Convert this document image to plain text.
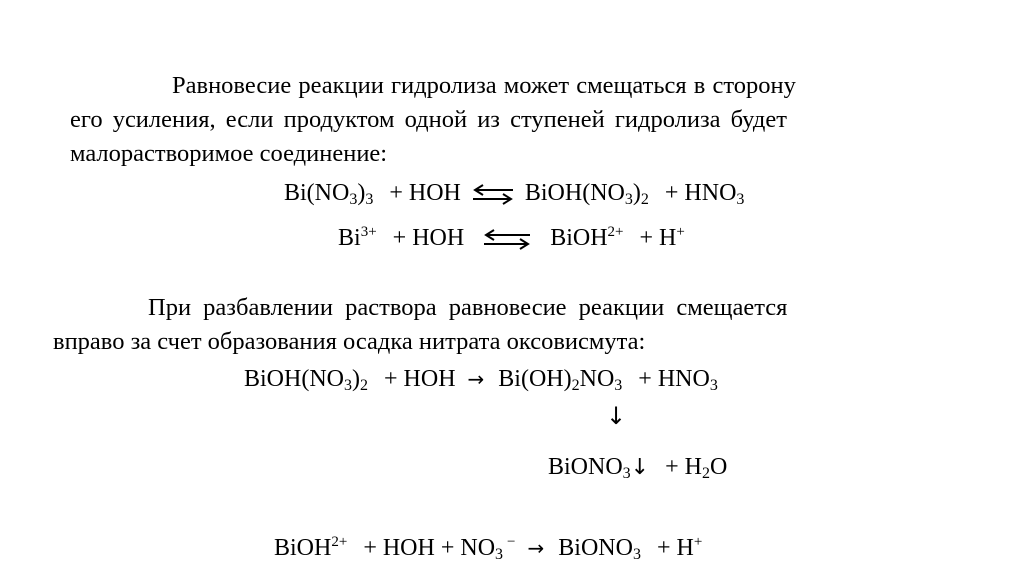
Равновесие реакции гидролиза может смещаться в сторону
его усиления, если продуктом одной из ступеней гидролиза будет
малорастворимое соединение:
Bi(NO3)3 + HOH ⇌ BiOH(NO3)2 + HNO3
Bi3+ + HOH ⇌ BiOH2+ + H+
При разбавлении раствора равновесие реакции смещается
вправо за счет образования осадка нитрата оксовисмута:
BiOH(NO3)2 + HOH → Bi(OH)2NO3 + HNO3
↓
BiONO3↓ + H2O
BiOH2+ + HOH + NO3− → BiONO3 + H+
